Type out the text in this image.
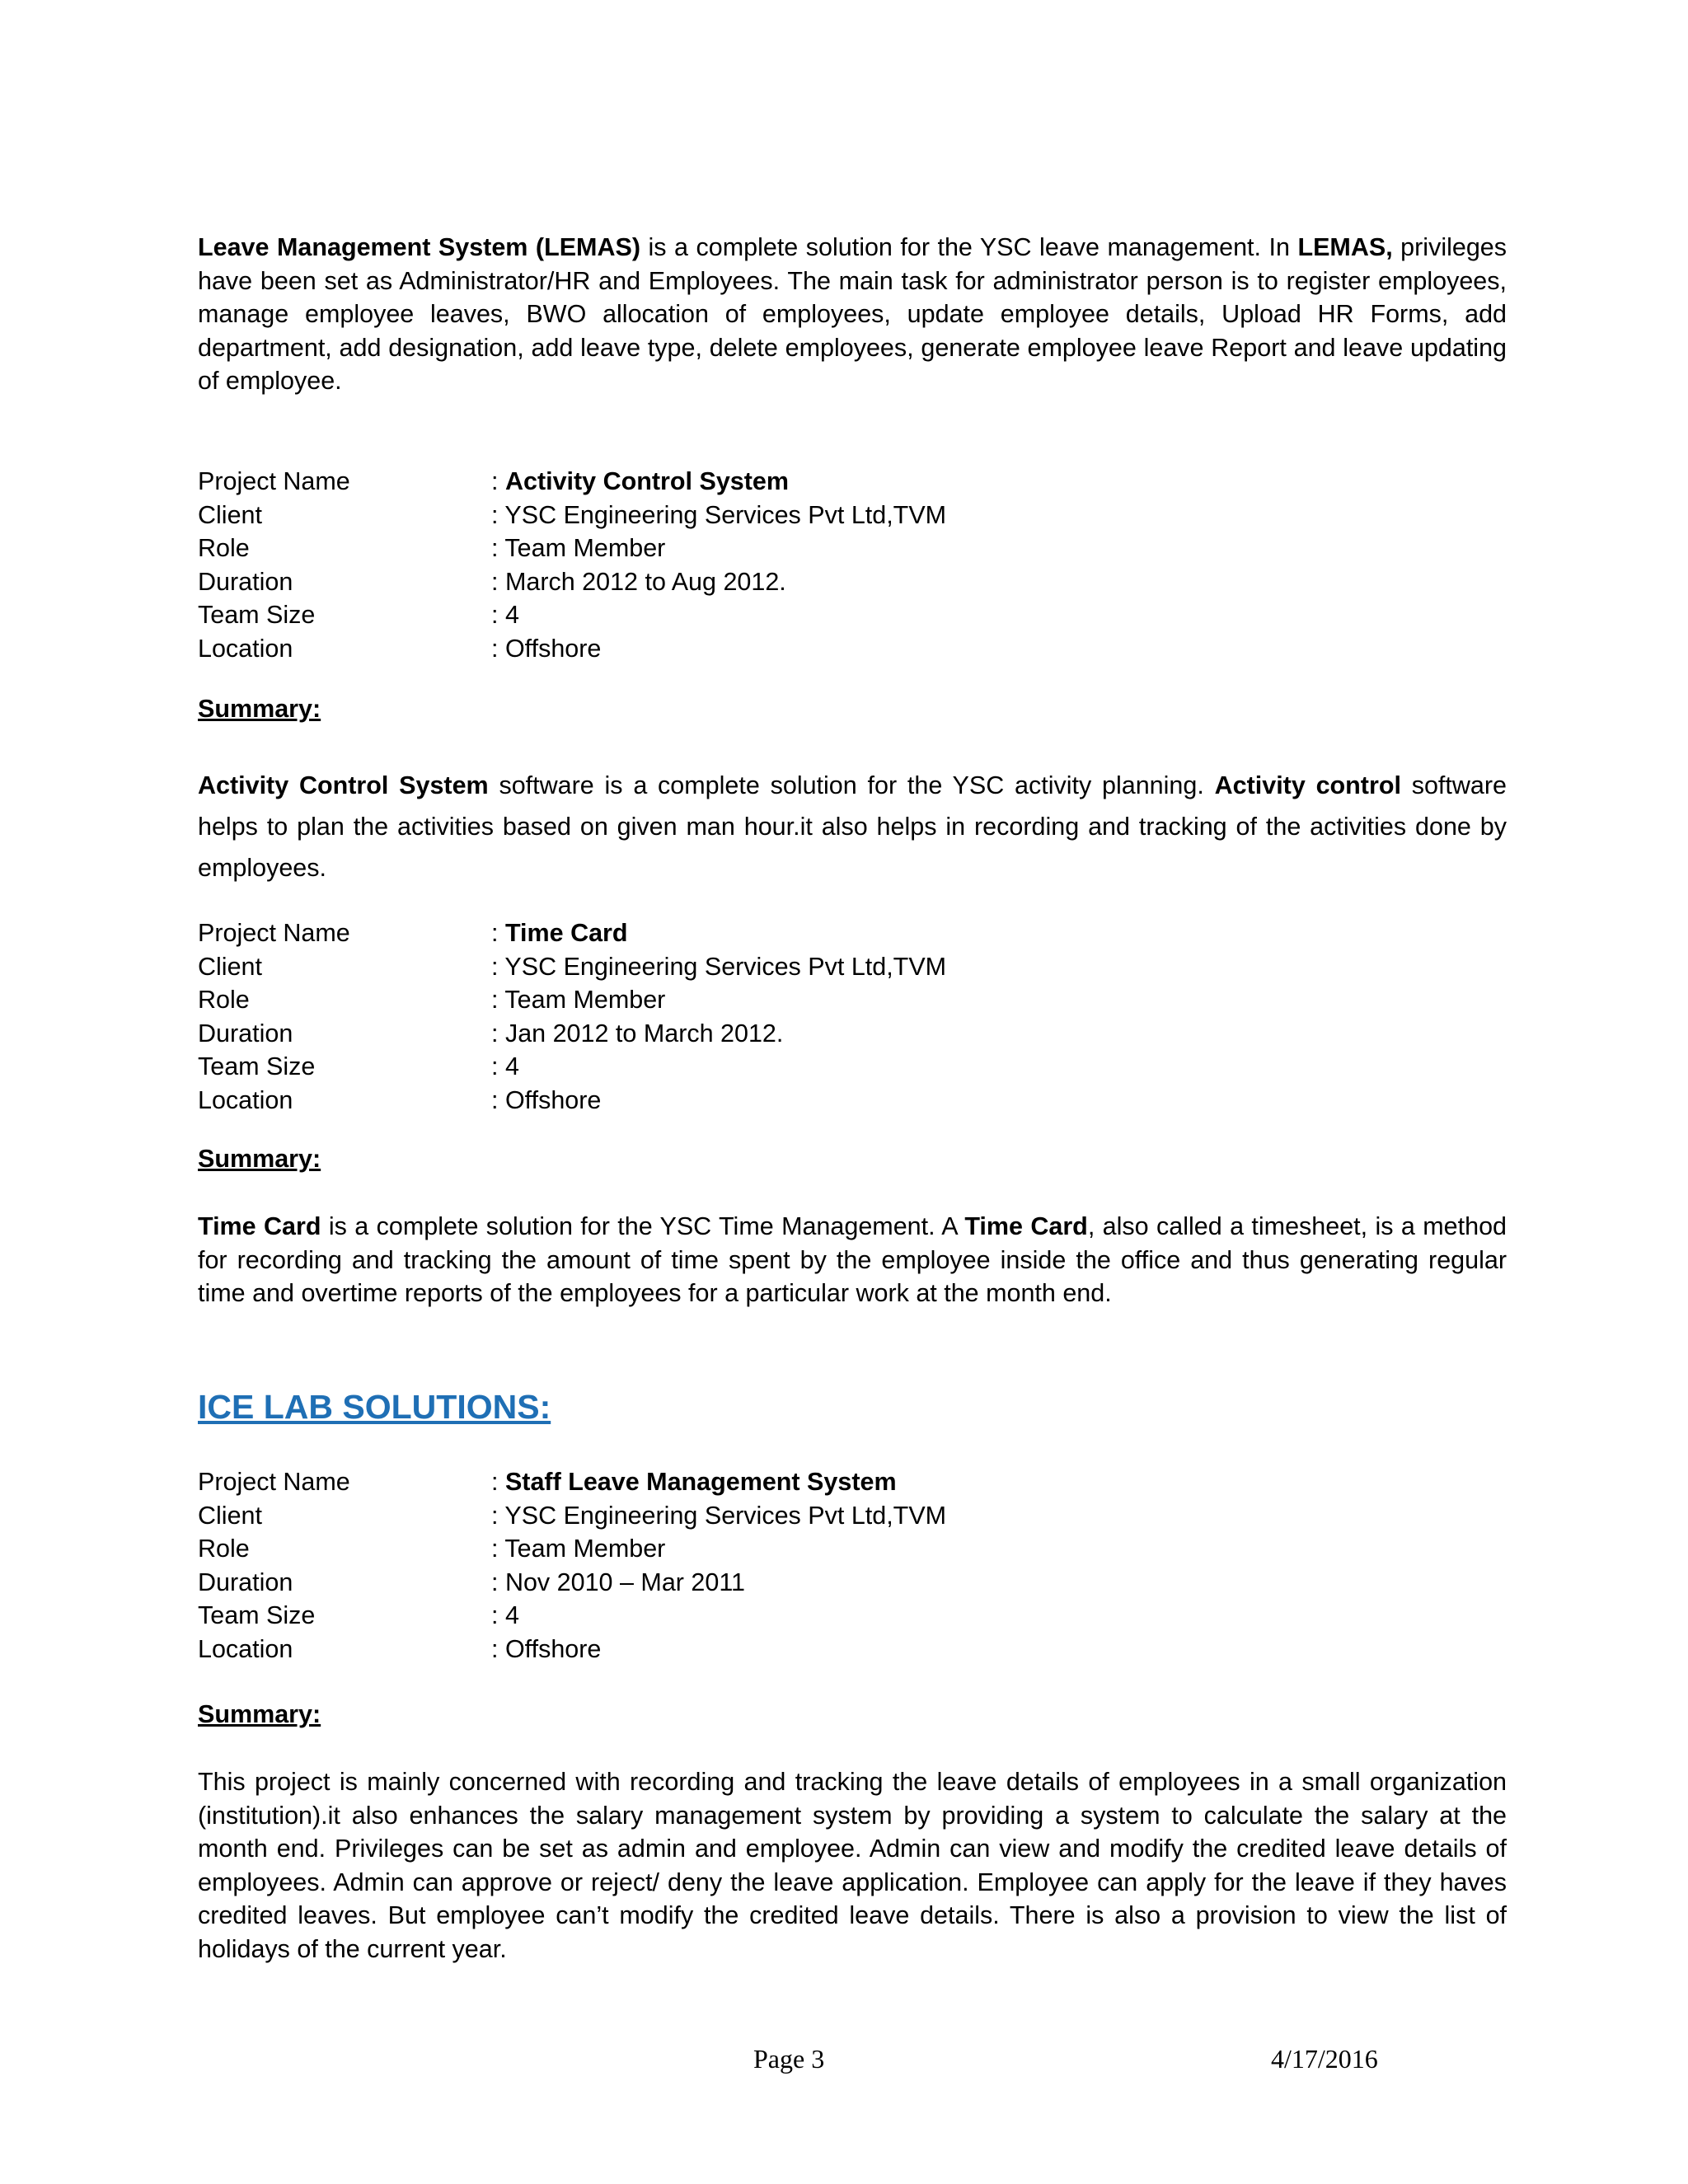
Leave Management System (LEMAS) is a complete solution for the YSC leave management. In LEMAS, privileges have been set as Administrator/HR and Employees. The main task for administrator person is to register employees, manage employee leaves, BWO allocation of employees, update employee details, Upload HR Forms, add department, add designation, add leave type, delete employees, generate employee leave Report and leave updating of employee.

Project Name	: Activity Control System
Client	: YSC Engineering Services Pvt Ltd,TVM
Role	: Team Member
Duration	: March 2012 to Aug 2012.
Team Size	: 4
Location	: Offshore
Summary:

Activity Control System software is a complete solution for the YSC activity planning. Activity control software helps to plan the activities based on given man hour.it also helps in recording and tracking of the activities done by employees.

Project Name	: Time Card
Client	: YSC Engineering Services Pvt Ltd,TVM
Role	: Team Member
Duration	: Jan 2012 to March 2012.
Team Size	: 4
Location	: Offshore
Summary:

Time Card is a complete solution for the YSC Time Management. A Time Card, also called a timesheet, is a method for recording and tracking the amount of time spent by the employee inside the office and thus generating regular time and overtime reports of the employees for a particular work at the month end.

ICE LAB SOLUTIONS:
Project Name	: Staff Leave Management System
Client	: YSC Engineering Services Pvt Ltd,TVM
Role	: Team Member
Duration	: Nov 2010 – Mar 2011
Team Size	: 4
Location	: Offshore
Summary:

This project is mainly concerned with recording and tracking the leave details of employees in a small organization (institution).it also enhances the salary management system by providing a system to calculate the salary at the month end. Privileges can be set as admin and employee. Admin can view and modify the credited leave details of employees. Admin can approve or reject/ deny the leave application. Employee can apply for the leave if they haves credited leaves. But employee can’t modify the credited leave details. There is also a provision to view the list of holidays of the current year.

Page 3	4/17/2016
